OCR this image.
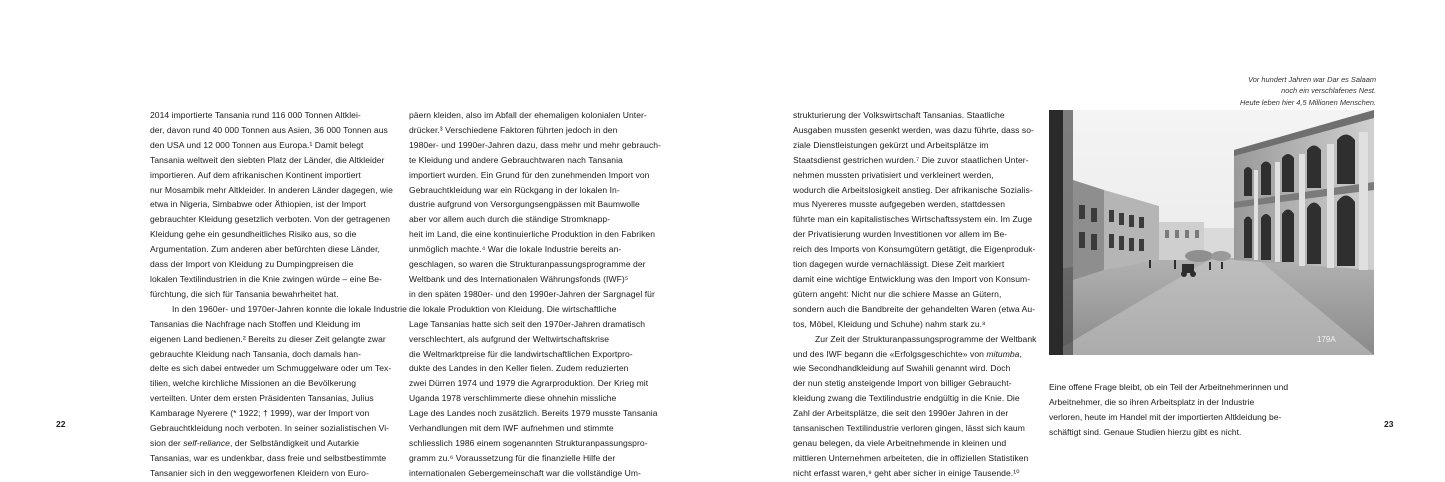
2014 importierte Tansania rund 116 000 Tonnen Altklei-

der, davon rund 40 000 Tonnen aus Asien, 36 000 Tonnen aus

den USA und 12 000 Tonnen aus Europa.¹ Damit belegt

Tansania weltweit den siebten Platz der Länder, die Altkleider

importieren. Auf dem afrikanischen Kontinent importiert

nur Mosambik mehr Altkleider. In anderen Länder dagegen, wie

etwa in Nigeria, Simbabwe oder Äthiopien, ist der Import

gebrauchter Kleidung gesetzlich verboten. Von der getragenen

Kleidung gehe ein gesundheitliches Risiko aus, so die

Argumentation. Zum anderen aber befürchten diese Länder,

dass der Import von Kleidung zu Dumpingpreisen die

lokalen Textilindustrien in die Knie zwingen würde – eine Be-

fürchtung, die sich für Tansania bewahrheitet hat.

In den 1960er- und 1970er-Jahren konnte die lokale Industrie

Tansanias die Nachfrage nach Stoffen und Kleidung im

eigenen Land bedienen.² Bereits zu dieser Zeit gelangte zwar

gebrauchte Kleidung nach Tansania, doch damals han-

delte es sich dabei entweder um Schmuggelware oder um Tex-

tilien, welche kirchliche Missionen an die Bevölkerung

verteilten. Unter dem ersten Präsidenten Tansanias, Julius

Kambarage Nyerere (* 1922; † 1999), war der Import von

Gebrauchtkleidung noch verboten. In seiner sozialistischen Vi-

sion der self-reliance, der Selbständigkeit und Autarkie

Tansanias, war es undenkbar, dass freie und selbstbestimmte

Tansanier sich in den weggeworfenen Kleidern von Euro-

päern kleiden, also im Abfall der ehemaligen kolonialen Unter-

drücker.³ Verschiedene Faktoren führten jedoch in den

1980er- und 1990er-Jahren dazu, dass mehr und mehr gebrauch-

te Kleidung und andere Gebrauchtwaren nach Tansania

importiert wurden. Ein Grund für den zunehmenden Import von

Gebrauchtkleidung war ein Rückgang in der lokalen In-

dustrie aufgrund von Versorgungsengpässen mit Baumwolle

aber vor allem auch durch die ständige Stromknapp-

heit im Land, die eine kontinuierliche Produktion in den Fabriken

unmöglich machte.⁴ War die lokale Industrie bereits an-

geschlagen, so waren die Strukturanpassungsprogramme der

Weltbank und des Internationalen Währungsfonds (IWF)⁵

in den späten 1980er- und den 1990er-Jahren der Sargnagel für

die lokale Produktion von Kleidung. Die wirtschaftliche

Lage Tansanias hatte sich seit den 1970er-Jahren dramatisch

verschlechtert, als aufgrund der Weltwirtschaftskrise

die Weltmarktpreise für die landwirtschaftlichen Exportpro-

dukte des Landes in den Keller fielen. Zudem reduzierten

zwei Dürren 1974 und 1979 die Agrarproduktion. Der Krieg mit

Uganda 1978 verschlimmerte diese ohnehin missliche

Lage des Landes noch zusätzlich. Bereits 1979 musste Tansania

Verhandlungen mit dem IWF aufnehmen und stimmte

schliesslich 1986 einem sogenannten Strukturanpassungspro-

gramm zu.⁶ Voraussetzung für die finanzielle Hilfe der

internationalen Gebergemeinschaft war die vollständige Um-

strukturierung der Volkswirtschaft Tansanias. Staatliche

Ausgaben mussten gesenkt werden, was dazu führte, dass so-

ziale Dienstleistungen gekürzt und Arbeitsplätze im

Staatsdienst gestrichen wurden.⁷ Die zuvor staatlichen Unter-

nehmen mussten privatisiert und verkleinert werden,

wodurch die Arbeitslosigkeit anstieg. Der afrikanische Sozialis-

mus Nyereres musste aufgegeben werden, stattdessen

führte man ein kapitalistisches Wirtschaftssystem ein. Im Zuge

der Privatisierung wurden Investitionen vor allem im Be-

reich des Imports von Konsumgütern getätigt, die Eigenproduk-

tion dagegen wurde vernachlässigt. Diese Zeit markiert

damit eine wichtige Entwicklung was den Import von Konsum-

gütern angeht: Nicht nur die schiere Masse an Gütern,

sondern auch die Bandbreite der gehandelten Waren (etwa Au-

tos, Möbel, Kleidung und Schuhe) nahm stark zu.⁸

Zur Zeit der Strukturanpassungsprogramme der Weltbank

und des IWF begann die «Erfolgsgeschichte» von mitumba,

wie Secondhandkleidung auf Swahili genannt wird. Doch

der nun stetig ansteigende Import von billiger Gebraucht-

kleidung zwang die Textilindustrie endgültig in die Knie. Die

Zahl der Arbeitsplätze, die seit den 1990er Jahren in der

tansanischen Textilindustrie verloren gingen, lässt sich kaum

genau belegen, da viele Arbeitnehmende in kleinen und

mittleren Unternehmen arbeiteten, die in offiziellen Statistiken

nicht erfasst waren,⁹ geht aber sicher in einige Tausende.¹⁰

22	23
Vor hundert Jahren war Dar es Salaam
noch ein verschlafenes Nest.
Heute leben hier 4,5 Millionen Menschen.
179A
Eine offene Frage bleibt, ob ein Teil der Arbeitnehmerinnen und
Arbeitnehmer, die so ihren Arbeitsplatz in der Industrie
verloren, heute im Handel mit der importierten Altkleidung be-
schäftigt sind. Genaue Studien hierzu gibt es nicht.
